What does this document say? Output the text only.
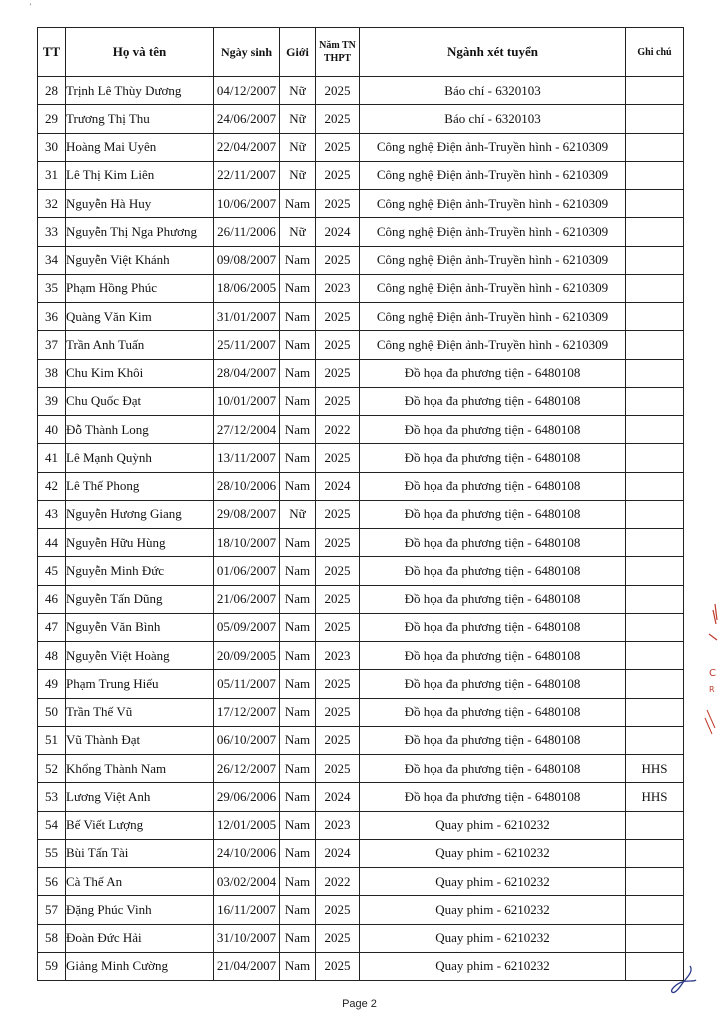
'
TT	Họ và tên	Ngày sinh	Giới	Năm TN THPT	Ngành xét tuyển	Ghi chú
28	Trịnh Lê Thùy Dương	04/12/2007	Nữ	2025	Báo chí - 6320103	
29	Trương Thị Thu	24/06/2007	Nữ	2025	Báo chí - 6320103	
30	Hoàng Mai Uyên	22/04/2007	Nữ	2025	Công nghệ Điện ảnh-Truyền hình - 6210309	
31	Lê Thị Kim Liên	22/11/2007	Nữ	2025	Công nghệ Điện ảnh-Truyền hình - 6210309	
32	Nguyễn Hà Huy	10/06/2007	Nam	2025	Công nghệ Điện ảnh-Truyền hình - 6210309	
33	Nguyễn Thị Nga Phương	26/11/2006	Nữ	2024	Công nghệ Điện ảnh-Truyền hình - 6210309	
34	Nguyễn Việt Khánh	09/08/2007	Nam	2025	Công nghệ Điện ảnh-Truyền hình - 6210309	
35	Phạm Hồng Phúc	18/06/2005	Nam	2023	Công nghệ Điện ảnh-Truyền hình - 6210309	
36	Quàng Văn Kim	31/01/2007	Nam	2025	Công nghệ Điện ảnh-Truyền hình - 6210309	
37	Trần Anh Tuấn	25/11/2007	Nam	2025	Công nghệ Điện ảnh-Truyền hình - 6210309	
38	Chu Kim Khôi	28/04/2007	Nam	2025	Đồ họa đa phương tiện - 6480108	
39	Chu Quốc Đạt	10/01/2007	Nam	2025	Đồ họa đa phương tiện - 6480108	
40	Đỗ Thành Long	27/12/2004	Nam	2022	Đồ họa đa phương tiện - 6480108	
41	Lê Mạnh Quỳnh	13/11/2007	Nam	2025	Đồ họa đa phương tiện - 6480108	
42	Lê Thế Phong	28/10/2006	Nam	2024	Đồ họa đa phương tiện - 6480108	
43	Nguyễn Hương Giang	29/08/2007	Nữ	2025	Đồ họa đa phương tiện - 6480108	
44	Nguyễn Hữu Hùng	18/10/2007	Nam	2025	Đồ họa đa phương tiện - 6480108	
45	Nguyễn Minh Đức	01/06/2007	Nam	2025	Đồ họa đa phương tiện - 6480108	
46	Nguyễn Tấn Dũng	21/06/2007	Nam	2025	Đồ họa đa phương tiện - 6480108	
47	Nguyễn Văn Bình	05/09/2007	Nam	2025	Đồ họa đa phương tiện - 6480108	
48	Nguyễn Việt Hoàng	20/09/2005	Nam	2023	Đồ họa đa phương tiện - 6480108	
49	Phạm Trung Hiếu	05/11/2007	Nam	2025	Đồ họa đa phương tiện - 6480108	
50	Trần Thế Vũ	17/12/2007	Nam	2025	Đồ họa đa phương tiện - 6480108	
51	Vũ Thành Đạt	06/10/2007	Nam	2025	Đồ họa đa phương tiện - 6480108	
52	Khổng Thành Nam	26/12/2007	Nam	2025	Đồ họa đa phương tiện - 6480108	HHS
53	Lương Việt Anh	29/06/2006	Nam	2024	Đồ họa đa phương tiện - 6480108	HHS
54	Bế Viết Lượng	12/01/2005	Nam	2023	Quay phim - 6210232	
55	Bùi Tấn Tài	24/10/2006	Nam	2024	Quay phim - 6210232	
56	Cà Thế An	03/02/2004	Nam	2022	Quay phim - 6210232	
57	Đặng Phúc Vinh	16/11/2007	Nam	2025	Quay phim - 6210232	
58	Đoàn Đức Hải	31/10/2007	Nam	2025	Quay phim - 6210232	
59	Giảng Minh Cường	21/04/2007	Nam	2025	Quay phim - 6210232	
C
R
Page 2
